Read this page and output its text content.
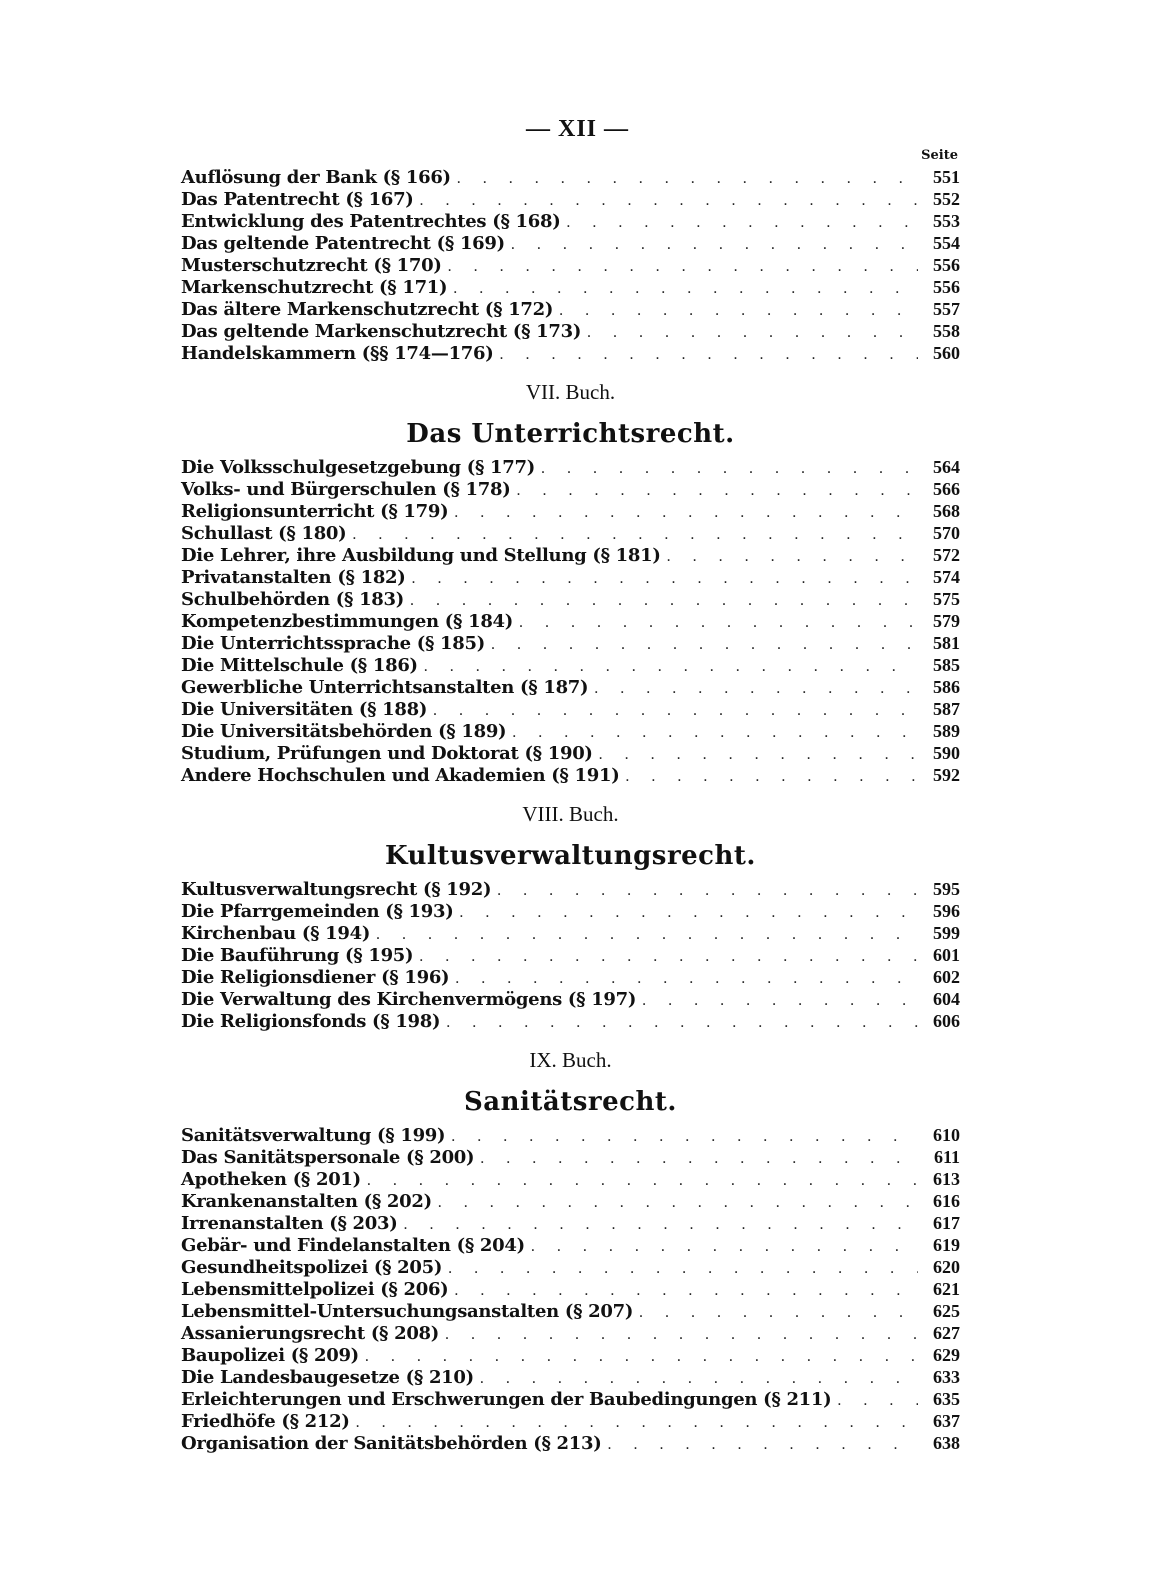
— XII —
Seite
Auflösung der Bank (§ 166) . . .	551
Das Patentrecht (§ 167) . . .	552
Entwicklung des Patentrechtes (§ 168) . . .	553
Das geltende Patentrecht (§ 169) . . .	554
Musterschutzrecht (§ 170) . . .	556
Markenschutzrecht (§ 171) . . .	556
Das ältere Markenschutzrecht (§ 172) . . .	557
Das geltende Markenschutzrecht (§ 173) . . .	558
Handelskammern (§§ 174—176) . . .	560
VII. Buch.
Das Unterrichtsrecht.
Die Volksschulgesetzgebung (§ 177) . . .	564
Volks- und Bürgerschulen (§ 178) . . .	566
Religionsunterricht (§ 179) . . .	568
Schullast (§ 180) . . .	570
Die Lehrer, ihre Ausbildung und Stellung (§ 181) . . .	572
Privatanstalten (§ 182) . . .	574
Schulbehörden (§ 183) . . .	575
Kompetenzbestimmungen (§ 184) . . .	579
Die Unterrichtssprache (§ 185) . . .	581
Die Mittelschule (§ 186) . . .	585
Gewerbliche Unterrichtsanstalten (§ 187) . . .	586
Die Universitäten (§ 188) . . .	587
Die Universitätsbehörden (§ 189) . . .	589
Studium, Prüfungen und Doktorat (§ 190) . . .	590
Andere Hochschulen und Akademien (§ 191) . . .	592
VIII. Buch.
Kultusverwaltungsrecht.
Kultusverwaltungsrecht (§ 192) . . .	595
Die Pfarrgemeinden (§ 193) . . .	596
Kirchenbau (§ 194) . . .	599
Die Bauführung (§ 195) . . .	601
Die Religionsdiener (§ 196) . . .	602
Die Verwaltung des Kirchenvermögens (§ 197) . . .	604
Die Religionsfonds (§ 198) . . .	606
IX. Buch.
Sanitätsrecht.
Sanitätsverwaltung (§ 199) . . .	610
Das Sanitätspersonale (§ 200) . . .	611
Apotheken (§ 201) . . .	613
Krankenanstalten (§ 202) . . .	616
Irrenanstalten (§ 203) . . .	617
Gebär- und Findelanstalten (§ 204) . . .	619
Gesundheitspolizei (§ 205) . . .	620
Lebensmittelpolizei (§ 206) . . .	621
Lebensmittel-Untersuchungsanstalten (§ 207) . . .	625
Assanierungsrecht (§ 208) . . .	627
Baupolizei (§ 209) . . .	629
Die Landesbaugesetze (§ 210) . . .	633
Erleichterungen und Erschwerungen der Baubedingungen (§ 211) . . .	635
Friedhöfe (§ 212) . . .	637
Organisation der Sanitätsbehörden (§ 213) . . .	638
